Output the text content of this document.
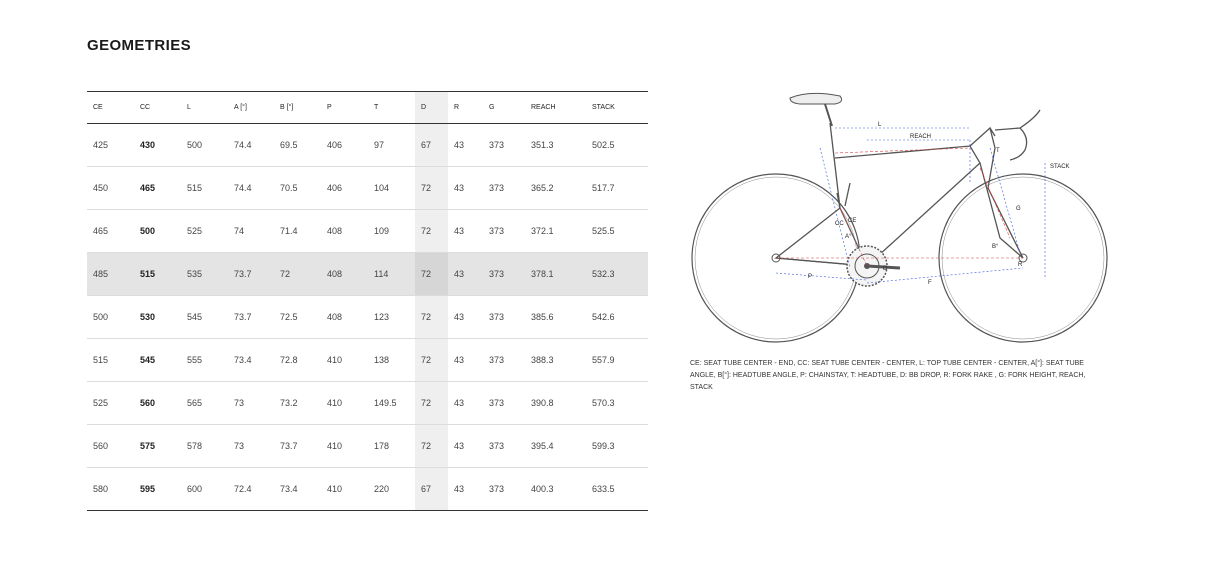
GEOMETRIES
CE	CC	L	A [°]	B [°]	P	T	D	R	G	REACH	STACK
425	430	500	74.4	69.5	406	97	67	43	373	351.3	502.5
450	465	515	74.4	70.5	406	104	72	43	373	365.2	517.7
465	500	525	74	71.4	408	109	72	43	373	372.1	525.5
485	515	535	73.7	72	408	114	72	43	373	378.1	532.3
500	530	545	73.7	72.5	408	123	72	43	373	385.6	542.6
515	545	555	73.4	72.8	410	138	72	43	373	388.3	557.9
525	560	565	73	73.2	410	149.5	72	43	373	390.8	570.3
560	575	578	73	73.7	410	178	72	43	373	395.4	599.3
580	595	600	72.4	73.4	410	220	67	43	373	400.3	633.5
L
REACH
STACK
T
G
CC CE
A°
B°
D
P
F
R
CE: SEAT TUBE CENTER - END, CC: SEAT TUBE CENTER - CENTER, L: TOP TUBE CENTER - CENTER, A[°]: SEAT TUBE ANGLE, B[°]: HEADTUBE ANGLE, P: CHAINSTAY, T: HEADTUBE, D: BB DROP, R: FORK RAKE , G: FORK HEIGHT, REACH, STACK
